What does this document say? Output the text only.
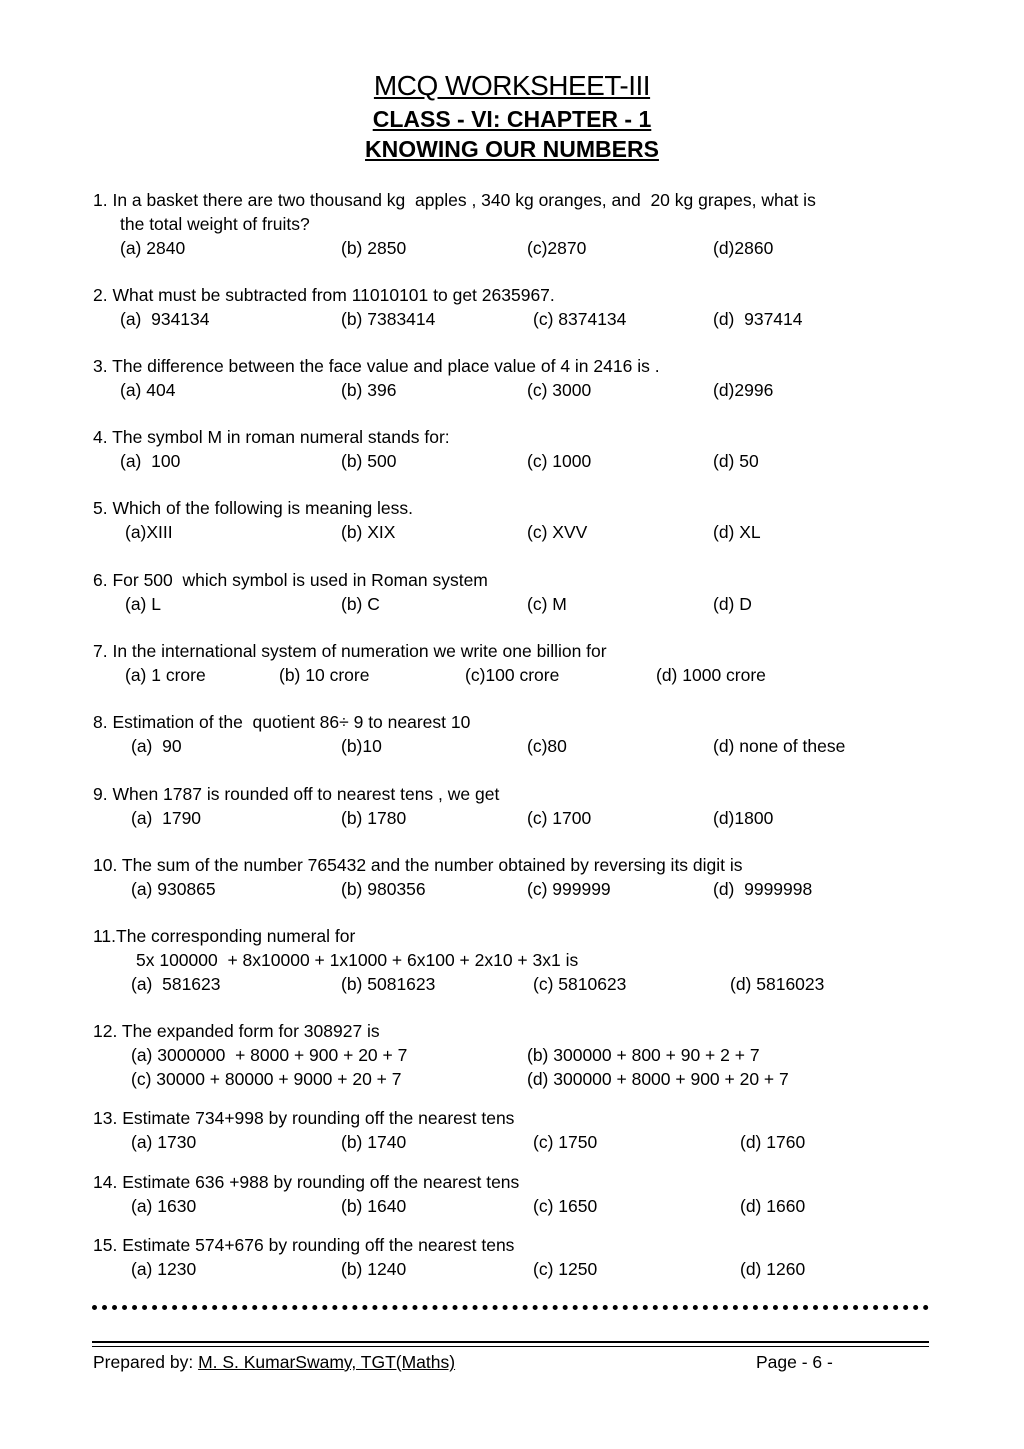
MCQ WORKSHEET-III
CLASS - VI: CHAPTER - 1
KNOWING OUR NUMBERS
1. In a basket there are two thousand kg  apples , 340 kg oranges, and  20 kg grapes, what is
the total weight of fruits?
(a) 2840	(b) 2850	(c)2870	(d)2860
2. What must be subtracted from 11010101 to get 2635967.
(a)  934134	(b) 7383414	(c) 8374134	(d)  937414
3. The difference between the face value and place value of 4 in 2416 is .
(a) 404	(b) 396	(c) 3000	(d)2996
4. The symbol M in roman numeral stands for:
(a)  100	(b) 500	(c) 1000	(d) 50
5. Which of the following is meaning less.
(a)XIII	(b) XIX	(c) XVV	(d) XL
6. For 500  which symbol is used in Roman system
(a) L	(b) C	(c) M	(d) D
7. In the international system of numeration we write one billion for
(a) 1 crore	(b) 10 crore	(c)100 crore	(d) 1000 crore
8. Estimation of the  quotient 86÷ 9 to nearest 10
(a)  90	(b)10	(c)80	(d) none of these
9. When 1787 is rounded off to nearest tens , we get
(a)  1790	(b) 1780	(c) 1700	(d)1800
10. The sum of the number 765432 and the number obtained by reversing its digit is
(a) 930865	(b) 980356	(c) 999999	(d)  9999998
11.The corresponding numeral for
5x 100000  + 8x10000 + 1x1000 + 6x100 + 2x10 + 3x1 is
(a)  581623	(b) 5081623	(c) 5810623	(d) 5816023
12. The expanded form for 308927 is
(a) 3000000  + 8000 + 900 + 20 + 7	(b) 300000 + 800 + 90 + 2 + 7
(c) 30000 + 80000 + 9000 + 20 + 7	(d) 300000 + 8000 + 900 + 20 + 7
13. Estimate 734+998 by rounding off the nearest tens
(a) 1730	(b) 1740	(c) 1750	(d) 1760
14. Estimate 636 +988 by rounding off the nearest tens
(a) 1630	(b) 1640	(c) 1650	(d) 1660
15. Estimate 574+676 by rounding off the nearest tens
(a) 1230	(b) 1240	(c) 1250	(d) 1260
Prepared by: M. S. KumarSwamy, TGT(Maths)	Page - 6 -
